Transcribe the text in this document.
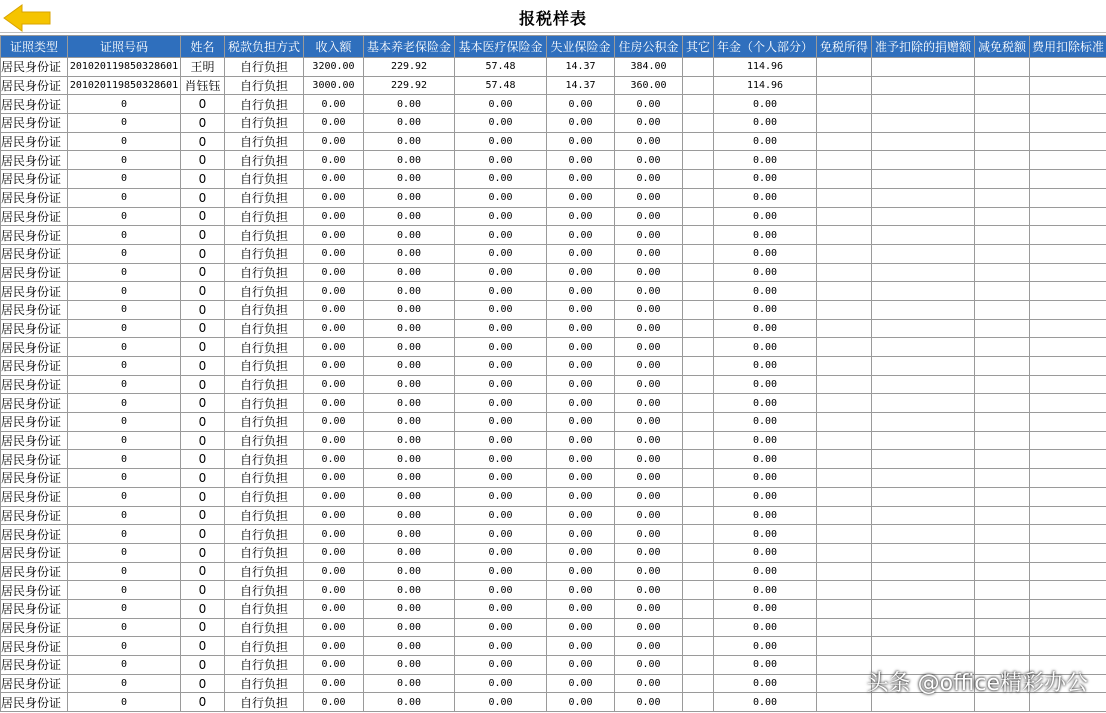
报税样表
证照类型	证照号码	姓名	税款负担方式	收入额	基本养老保险金	基本医疗保险金	失业保险金	住房公积金	其它	年金（个人部分）	免税所得	准予扣除的捐赠额	减免税额	费用扣除标准
居民身份证	201020119850328601	王明	自行负担	3200.00	229.92	57.48	14.37	384.00		114.96				
居民身份证	201020119850328601	肖钰钰	自行负担	3000.00	229.92	57.48	14.37	360.00		114.96				
居民身份证	0	0	自行负担	0.00	0.00	0.00	0.00	0.00		0.00				
居民身份证	0	0	自行负担	0.00	0.00	0.00	0.00	0.00		0.00				
居民身份证	0	0	自行负担	0.00	0.00	0.00	0.00	0.00		0.00				
居民身份证	0	0	自行负担	0.00	0.00	0.00	0.00	0.00		0.00				
居民身份证	0	0	自行负担	0.00	0.00	0.00	0.00	0.00		0.00				
居民身份证	0	0	自行负担	0.00	0.00	0.00	0.00	0.00		0.00				
居民身份证	0	0	自行负担	0.00	0.00	0.00	0.00	0.00		0.00				
居民身份证	0	0	自行负担	0.00	0.00	0.00	0.00	0.00		0.00				
居民身份证	0	0	自行负担	0.00	0.00	0.00	0.00	0.00		0.00				
居民身份证	0	0	自行负担	0.00	0.00	0.00	0.00	0.00		0.00				
居民身份证	0	0	自行负担	0.00	0.00	0.00	0.00	0.00		0.00				
居民身份证	0	0	自行负担	0.00	0.00	0.00	0.00	0.00		0.00				
居民身份证	0	0	自行负担	0.00	0.00	0.00	0.00	0.00		0.00				
居民身份证	0	0	自行负担	0.00	0.00	0.00	0.00	0.00		0.00				
居民身份证	0	0	自行负担	0.00	0.00	0.00	0.00	0.00		0.00				
居民身份证	0	0	自行负担	0.00	0.00	0.00	0.00	0.00		0.00				
居民身份证	0	0	自行负担	0.00	0.00	0.00	0.00	0.00		0.00				
居民身份证	0	0	自行负担	0.00	0.00	0.00	0.00	0.00		0.00				
居民身份证	0	0	自行负担	0.00	0.00	0.00	0.00	0.00		0.00				
居民身份证	0	0	自行负担	0.00	0.00	0.00	0.00	0.00		0.00				
居民身份证	0	0	自行负担	0.00	0.00	0.00	0.00	0.00		0.00				
居民身份证	0	0	自行负担	0.00	0.00	0.00	0.00	0.00		0.00				
居民身份证	0	0	自行负担	0.00	0.00	0.00	0.00	0.00		0.00				
居民身份证	0	0	自行负担	0.00	0.00	0.00	0.00	0.00		0.00				
居民身份证	0	0	自行负担	0.00	0.00	0.00	0.00	0.00		0.00				
居民身份证	0	0	自行负担	0.00	0.00	0.00	0.00	0.00		0.00				
居民身份证	0	0	自行负担	0.00	0.00	0.00	0.00	0.00		0.00				
居民身份证	0	0	自行负担	0.00	0.00	0.00	0.00	0.00		0.00				
居民身份证	0	0	自行负担	0.00	0.00	0.00	0.00	0.00		0.00				
居民身份证	0	0	自行负担	0.00	0.00	0.00	0.00	0.00		0.00				
居民身份证	0	0	自行负担	0.00	0.00	0.00	0.00	0.00		0.00				
居民身份证	0	0	自行负担	0.00	0.00	0.00	0.00	0.00		0.00				
居民身份证	0	0	自行负担	0.00	0.00	0.00	0.00	0.00		0.00				
头条 @office精彩办公
